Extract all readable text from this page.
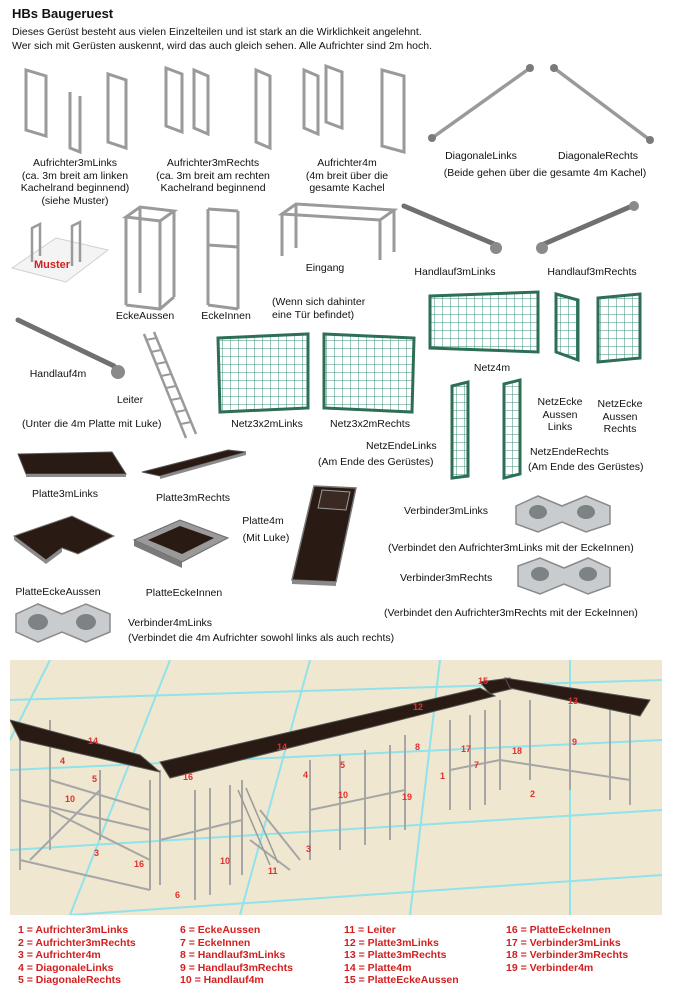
HBs Baugeruest
Dieses Gerüst besteht aus vielen Einzelteilen und ist stark an die Wirklichkeit angelehnt.
Wer sich mit Gerüsten auskennt, wird das auch gleich sehen. Alle Aufrichter sind 2m hoch.
Aufrichter3mLinks
(ca. 3m breit am linken
Kachelrand beginnend)
(siehe Muster)
Aufrichter3mRechts
(ca. 3m breit am rechten
Kachelrand beginnend
Aufrichter4m
(4m breit über die
gesamte Kachel
DiagonaleLinks	DiagonaleRechts
(Beide gehen über die gesamte 4m Kachel)
Muster
EckeAussen	EckeInnen
Eingang
(Wenn sich dahinter
eine Tür befindet)
Handlauf3mLinks	Handlauf3mRechts
Handlauf4m
Leiter
(Unter die 4m Platte mit Luke)	Netz3x2mLinks	Netz3x2mRechts
Netz4m
NetzEcke
Aussen
Links
NetzEcke
Aussen
Rechts
NetzEndeLinks
(Am Ende des Gerüstes)
NetzEndeRechts
(Am Ende des Gerüstes)
Platte3mLinks	Platte3mRechts
Platte4m
(Mit Luke)
PlatteEckeAussen	PlatteEckeInnen
Verbinder3mLinks
(Verbindet den Aufrichter3mLinks mit der EckeInnen)
Verbinder3mRechts
(Verbindet den Aufrichter3mRechts mit der EckeInnen)
Verbinder4mLinks
(Verbindet die 4m Aufrichter sowohl links als auch rechts)
14
4
5
10
3
16
16	10
6
11
3
14
4
5
10
12
8	17
7
1
18
19
15
13
9
2
1 = Aufrichter3mLinks
2 = Aufrichter3mRechts
3 = Aufrichter4m
4 = DiagonaleLinks
5 = DiagonaleRechts
6 = EckeAussen
7 = EckeInnen
8 = Handlauf3mLinks
9 = Handlauf3mRechts
10 = Handlauf4m
11 = Leiter
12 = Platte3mLinks
13 = Platte3mRechts
14 = Platte4m
15 = PlatteEckeAussen
16 = PlatteEckeInnen
17 = Verbinder3mLinks
18 = Verbinder3mRechts
19 = Verbinder4m
